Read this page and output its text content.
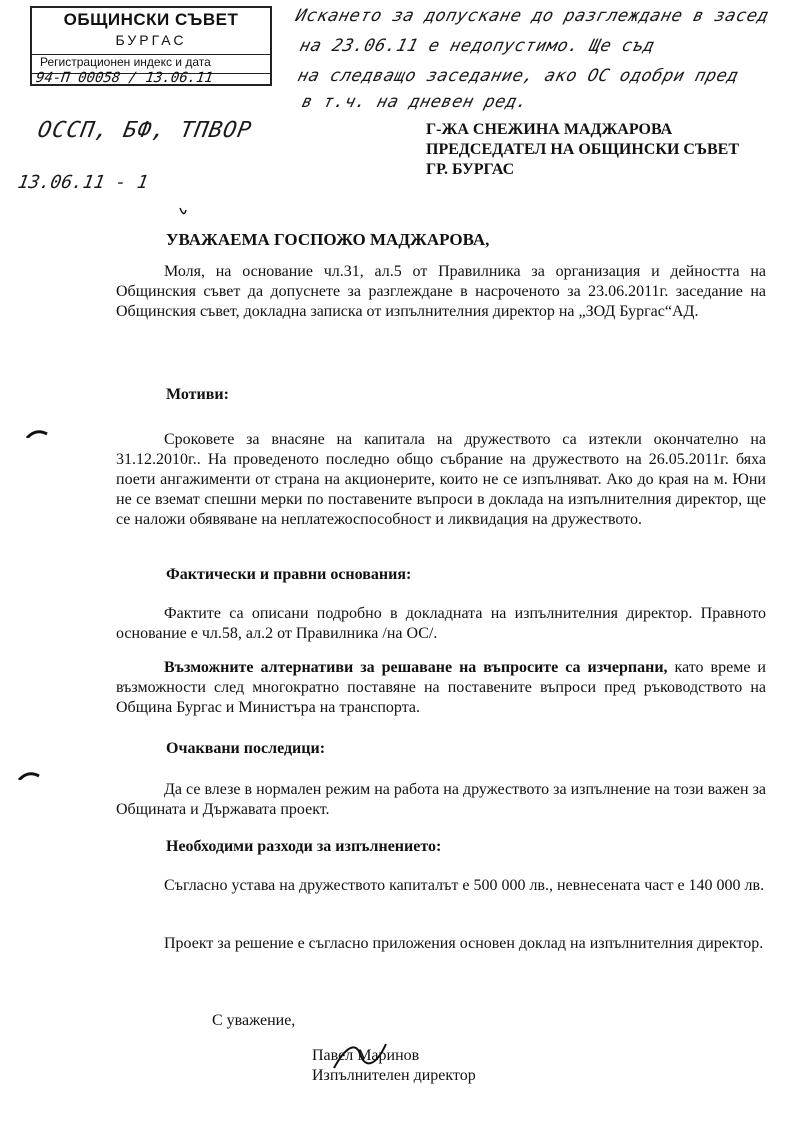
ОБЩИНСКИ СЪВЕТ
БУРГАС
Регистрационен индекс и дата
94-П 00058 / 13.06.11
ОССП, БФ, ТПВОР
13.06.11 - 1
Искането за допускане до разглеждане в засед
на 23.06.11 е недопустимо. Ще съд
на следващо заседание, ако ОС одобри пред
в т.ч. на дневен ред.
Г-ЖА СНЕЖИНА МАДЖАРОВА
ПРЕДСЕДАТЕЛ НА ОБЩИНСКИ СЪВЕТ
ГР. БУРГАС
УВАЖАЕМА ГОСПОЖО МАДЖАРОВА,
Моля, на основание чл.31, ал.5 от Правилника за организация и дейността на Общинския съвет да допуснете за разглеждане в насроченото за 23.06.2011г. заседание на Общинския съвет, докладна записка от изпълнителния директор на „ЗОД Бургас“АД.
Мотиви:
Сроковете за внасяне на капитала на дружеството са изтекли окончателно на 31.12.2010г.. На проведеното последно общо събрание на дружеството на 26.05.2011г. бяха поети ангажименти от страна на акционерите, които не се изпълняват. Ако до края на м. Юни не се вземат спешни мерки по поставените въпроси в доклада на изпълнителния директор, ще се наложи обявяване на неплатежоспособност и ликвидация на дружеството.
Фактически и правни основания:
Фактите са описани подробно в докладната на изпълнителния директор. Правното основание е чл.58, ал.2 от Правилника /на ОС/.
Възможните алтернативи за решаване на въпросите са изчерпани, като време и възможности след многократно поставяне на поставените въпроси пред ръководството на Община Бургас и Министъра на транспорта.
Очаквани последици:
Да се влезе в нормален режим на работа на дружеството за изпълнение на този важен за Общината и Държавата проект.
Необходими разходи за изпълнението:
Съгласно устава на дружеството капиталът е 500 000 лв., невнесената част е 140 000 лв.
Проект за решение е съгласно приложения основен доклад на изпълнителния директор.
С уважение,
Павел Маринов
Изпълнителен директор
